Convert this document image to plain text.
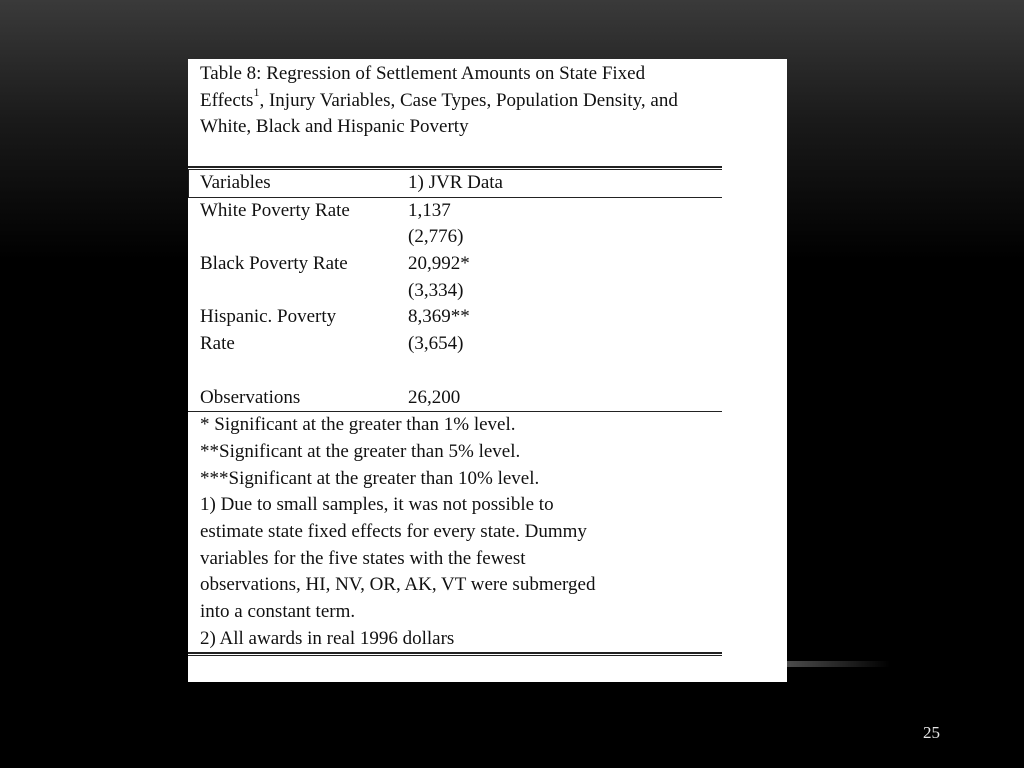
Table 8: Regression of Settlement Amounts on State Fixed Effects$^1$, Injury Variables, Case Types, Population Density, and White, Black and Hispanic Poverty
Variables	1) JVR Data
White Poverty Rate	1,137
(2,776)
Black Poverty Rate	20,992*
(3,334)
Hispanic. Poverty	8,369**
Rate	(3,654)
Observations	26,200
* Significant at the greater than 1% level.
**Significant at the greater than 5% level.
***Significant at the greater than 10% level.
1) Due to small samples, it was not possible to
estimate state fixed effects for every state. Dummy
variables for the five states with the fewest
observations, HI, NV, OR, AK, VT were submerged
into a constant term.
2) All awards in real 1996 dollars
25
